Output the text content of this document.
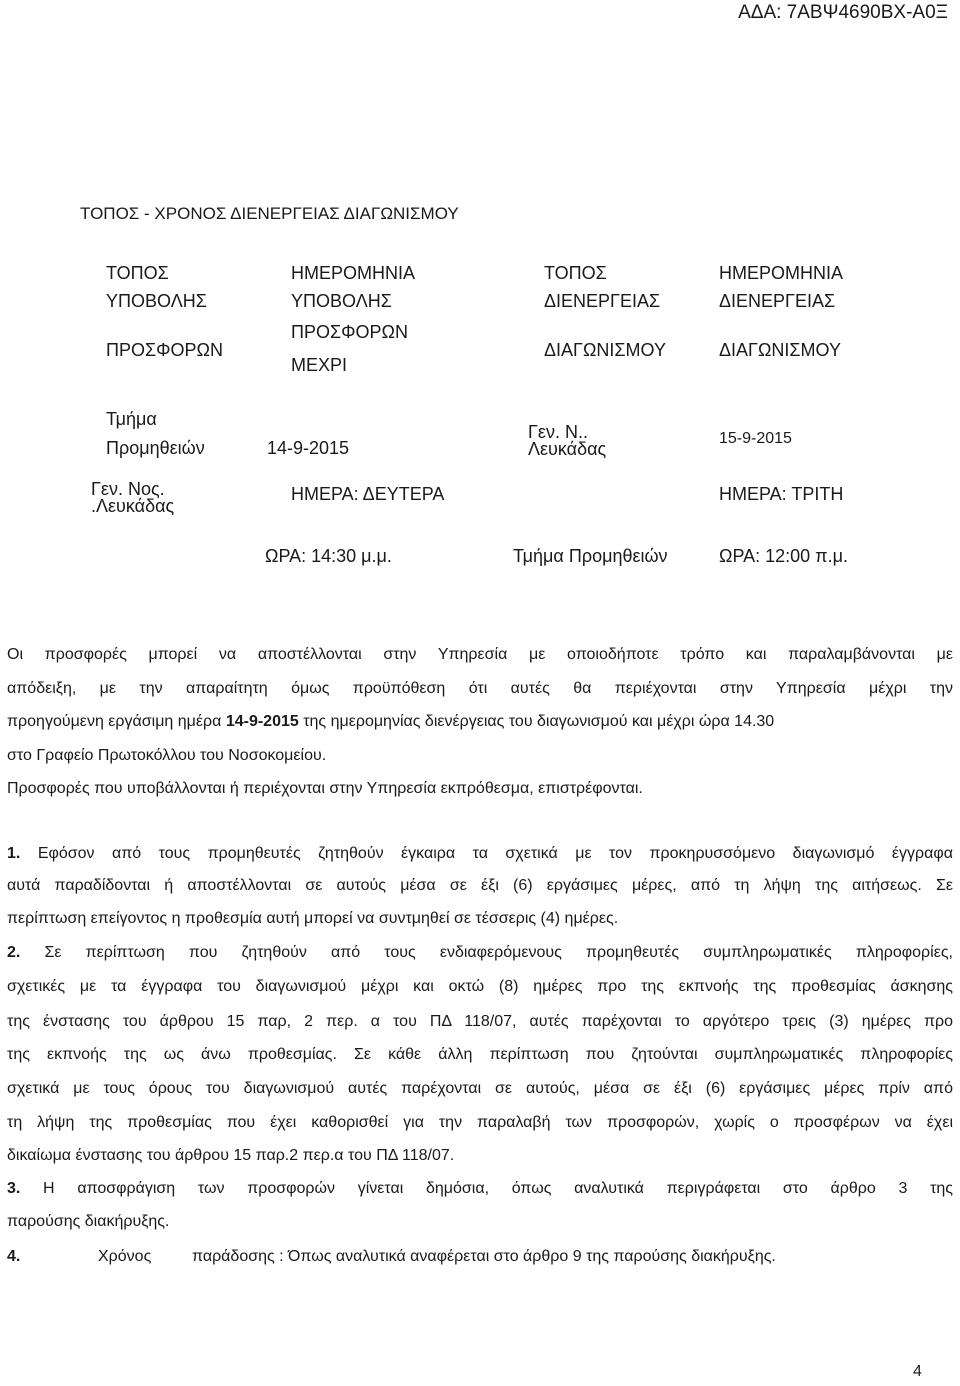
ΑΔΑ: 7ΑΒΨ4690ΒΧ-Α0Ξ
ΤΟΠΟΣ - ΧΡΟΝΟΣ ΔΙΕΝΕΡΓΕΙΑΣ ΔΙΑΓΩΝΙΣΜΟΥ
ΤΟΠΟΣ
ΥΠΟΒΟΛΗΣ
ΠΡΟΣΦΟΡΩΝ
Τμήμα
Προμηθειών
Γεν. Νος.
.Λευκάδας
ΗΜΕΡΟΜΗΝΙΑ
ΥΠΟΒΟΛΗΣ
ΠΡΟΣΦΟΡΩΝ
ΜΕΧΡΙ
14-9-2015
ΗΜΕΡΑ: ΔΕΥΤΕΡΑ
ΩΡΑ: 14:30 μ.μ.
ΤΟΠΟΣ
ΔΙΕΝΕΡΓΕΙΑΣ
ΔΙΑΓΩΝΙΣΜΟΥ
Γεν. Ν..
Λευκάδας
Τμήμα Προμηθειών
ΗΜΕΡΟΜΗΝΙΑ
ΔΙΕΝΕΡΓΕΙΑΣ
ΔΙΑΓΩΝΙΣΜΟΥ
15-9-2015
ΗΜΕΡΑ: ΤΡΙΤΗ
ΩΡΑ: 12:00 π.μ.
Οι προσφορές μπορεί να αποστέλλονται στην Υπηρεσία με οποιοδήποτε τρόπο και παραλαμβάνονται με
απόδειξη, με την απαραίτητη όμως προϋπόθεση ότι αυτές θα περιέχονται στην Υπηρεσία μέχρι την
προηγούμενη εργάσιμη ημέρα 14-9-2015 της ημερομηνίας διενέργειας του διαγωνισμού και μέχρι ώρα 14.30
στο Γραφείο Πρωτοκόλλου του Νοσοκομείου.
Προσφορές που υποβάλλονται ή περιέχονται στην Υπηρεσία εκπρόθεσμα, επιστρέφονται.
1. Εφόσον από τους προμηθευτές ζητηθούν έγκαιρα τα σχετικά με τον προκηρυσσόμενο διαγωνισμό έγγραφα
αυτά παραδίδονται ή αποστέλλονται σε αυτούς μέσα σε έξι (6) εργάσιμες μέρες, από τη λήψη της αιτήσεως. Σε
περίπτωση επείγοντος η προθεσμία αυτή μπορεί να συντμηθεί σε τέσσερις (4) ημέρες.
2. Σε περίπτωση που ζητηθούν από τους ενδιαφερόμενους προμηθευτές συμπληρωματικές πληροφορίες,
σχετικές με τα έγγραφα του διαγωνισμού μέχρι και οκτώ (8) ημέρες προ της εκπνοής της προθεσμίας άσκησης
της ένστασης του άρθρου 15 παρ, 2 περ. α του ΠΔ 118/07, αυτές παρέχονται το αργότερο τρεις (3) ημέρες προ
της εκπνοής της ως άνω προθεσμίας. Σε κάθε άλλη περίπτωση που ζητούνται συμπληρωματικές πληροφορίες
σχετικά με τους όρους του διαγωνισμού αυτές παρέχονται σε αυτούς, μέσα σε έξι (6) εργάσιμες μέρες πρίν από
τη λήψη της προθεσμίας που έχει καθορισθεί για την παραλαβή των προσφορών, χωρίς ο προσφέρων να έχει
δικαίωμα ένστασης του άρθρου 15 παρ.2 περ.α του ΠΔ 118/07.
3. Η αποσφράγιση των προσφορών γίνεται δημόσια, όπως αναλυτικά περιγράφεται στο άρθρο 3 της
παρούσης διακήρυξης.
4.	Χρόνος	παράδοσης : Όπως αναλυτικά αναφέρεται στο άρθρο 9 της παρούσης διακήρυξης.
4
